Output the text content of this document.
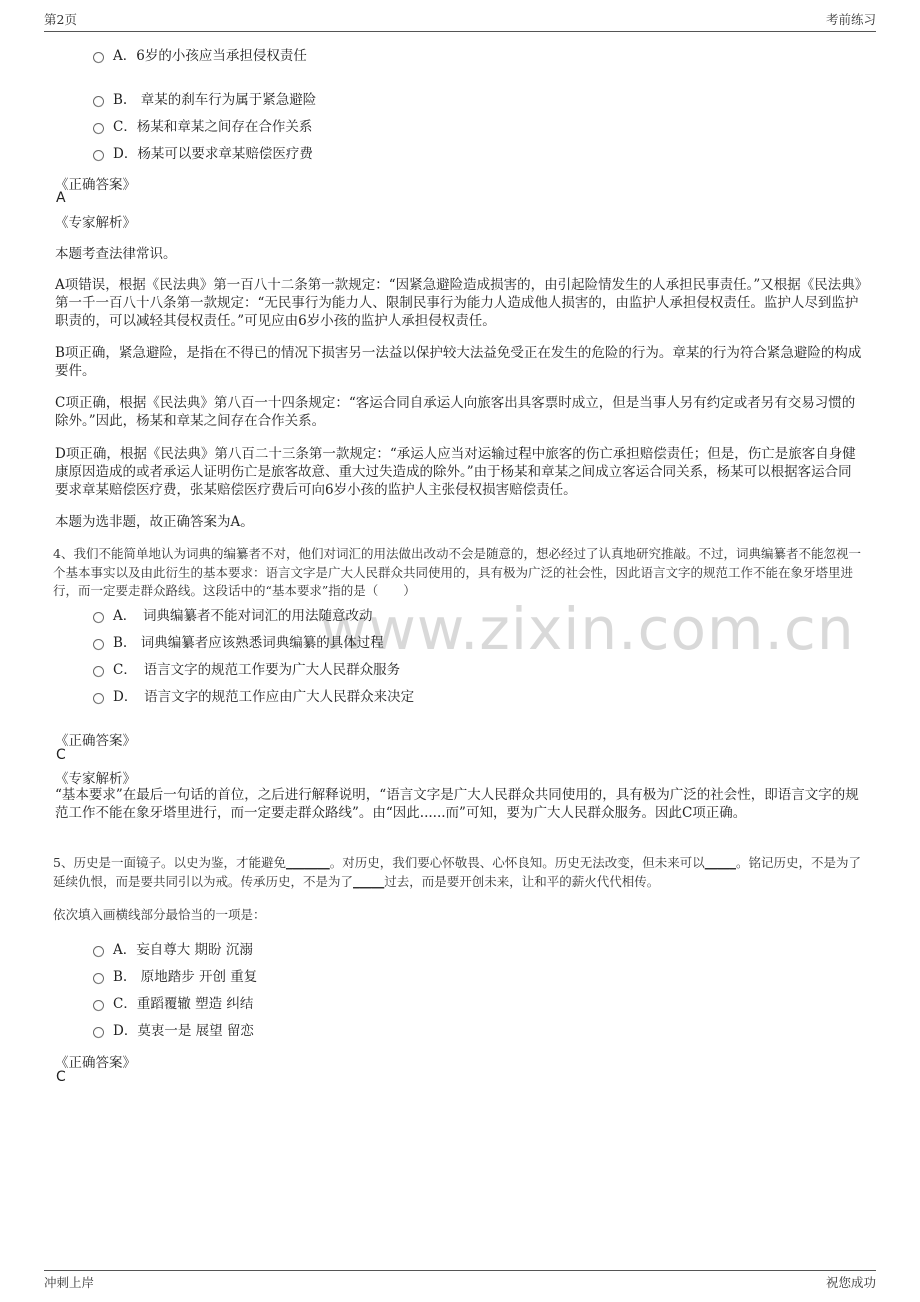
第2页	考前练习
www.zixin.com.cn
A．6岁的小孩应当承担侵权责任
B.　章某的刹车行为属于紧急避险
C．杨某和章某之间存在合作关系
D．杨某可以要求章某赔偿医疗费
《正确答案》
A
《专家解析》
本题考查法律常识。
A项错误，根据《民法典》第一百八十二条第一款规定：“因紧急避险造成损害的，由引起险情发生的人承担民事责任。”又根据《民法典》第一千一百八十八条第一款规定：“无民事行为能力人、限制民事行为能力人造成他人损害的，由监护人承担侵权责任。监护人尽到监护职责的，可以减轻其侵权责任。”可见应由6岁小孩的监护人承担侵权责任。
B项正确，紧急避险，是指在不得已的情况下损害另一法益以保护较大法益免受正在发生的危险的行为。章某的行为符合紧急避险的构成要件。
C项正确，根据《民法典》第八百一十四条规定：“客运合同自承运人向旅客出具客票时成立，但是当事人另有约定或者另有交易习惯的除外。”因此，杨某和章某之间存在合作关系。
D项正确，根据《民法典》第八百二十三条第一款规定：“承运人应当对运输过程中旅客的伤亡承担赔偿责任；但是，伤亡是旅客自身健康原因造成的或者承运人证明伤亡是旅客故意、重大过失造成的除外。”由于杨某和章某之间成立客运合同关系，杨某可以根据客运合同要求章某赔偿医疗费，张某赔偿医疗费后可向6岁小孩的监护人主张侵权损害赔偿责任。
本题为选非题，故正确答案为A。
4、我们不能简单地认为词典的编纂者不对，他们对词汇的用法做出改动不会是随意的，想必经过了认真地研究推敲。不过，词典编纂者不能忽视一个基本事实以及由此衍生的基本要求：语言文字是广大人民群众共同使用的，具有极为广泛的社会性，因此语言文字的规范工作不能在象牙塔里进行，而一定要走群众路线。这段话中的“基本要求”指的是（　　）
A．　词典编纂者不能对词汇的用法随意改动
B.　词典编纂者应该熟悉词典编纂的具体过程
C．　语言文字的规范工作要为广大人民群众服务
D．　语言文字的规范工作应由广大人民群众来决定
《正确答案》
C
《专家解析》
“基本要求”在最后一句话的首位，之后进行解释说明，“语言文字是广大人民群众共同使用的，具有极为广泛的社会性，即语言文字的规范工作不能在象牙塔里进行，而一定要走群众路线”。由“因此......而”可知，要为广大人民群众服务。因此C项正确。
5、历史是一面镜子。以史为鉴，才能避免_______。对历史，我们要心怀敬畏、心怀良知。历史无法改变，但未来可以_____。铭记历史，不是为了延续仇恨，而是要共同引以为戒。传承历史，不是为了_____过去，而是要开创未来，让和平的薪火代代相传。
依次填入画横线部分最恰当的一项是：
A．妄自尊大 期盼 沉溺
B.　原地踏步 开创 重复
C．重蹈覆辙 塑造 纠结
D．莫衷一是 展望 留恋
《正确答案》
C
冲刺上岸	祝您成功
